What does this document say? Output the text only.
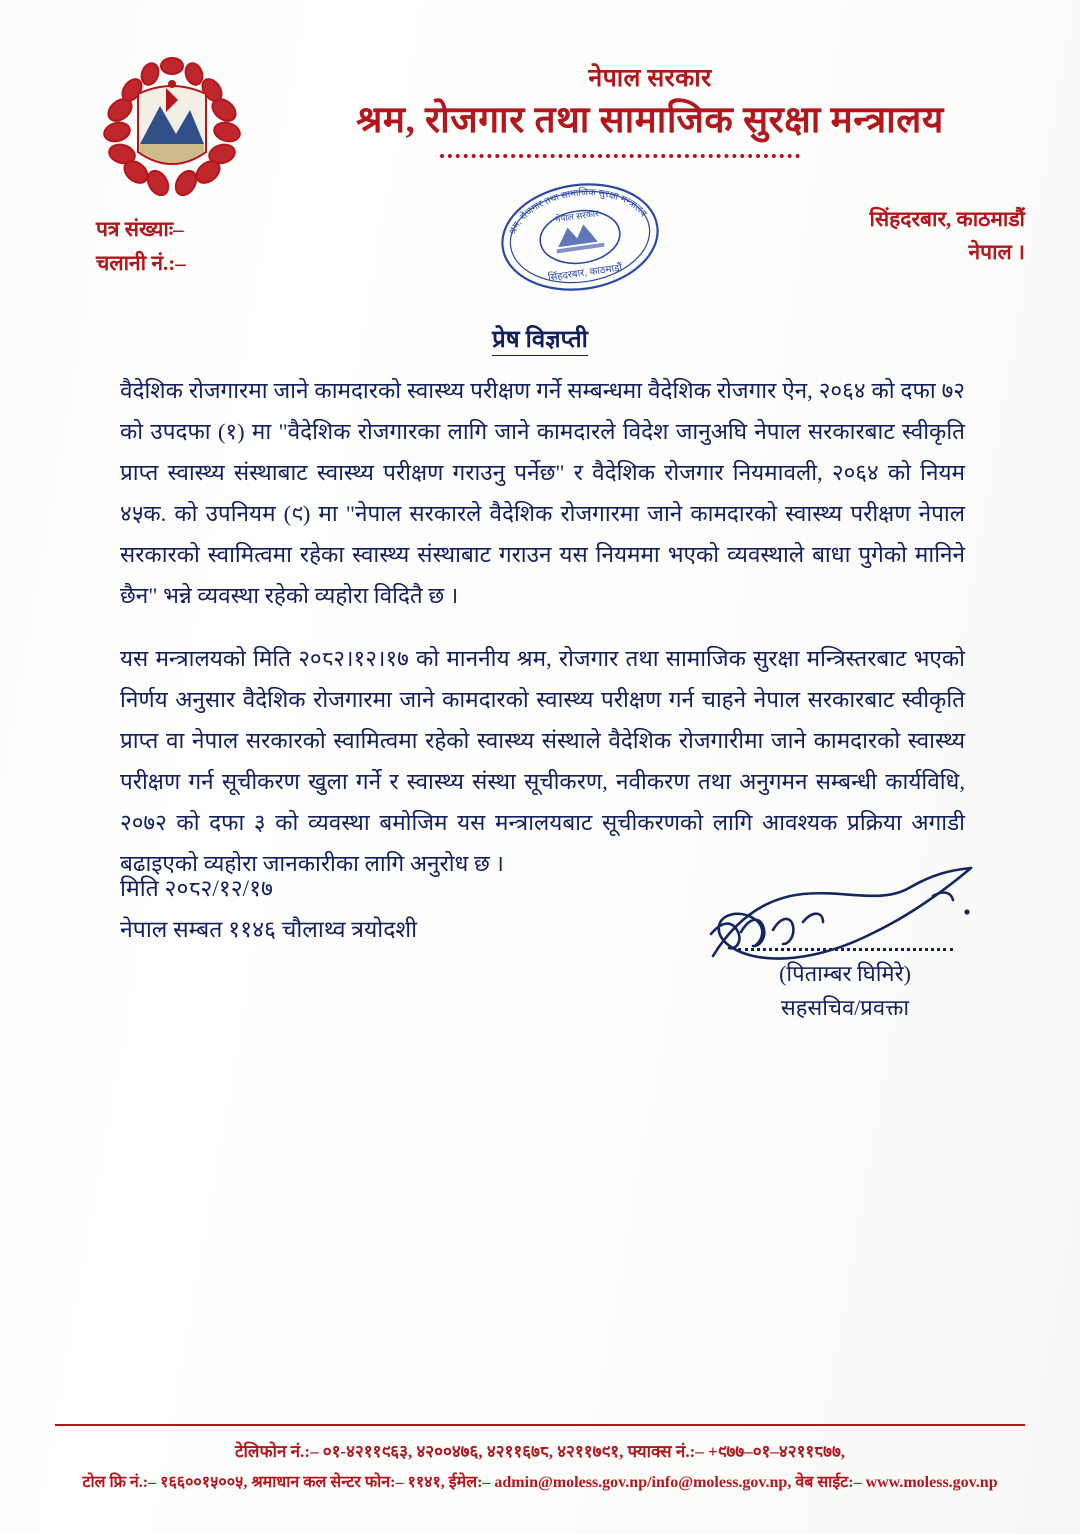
नेपाल सरकार
श्रम, रोजगार तथा सामाजिक सुरक्षा मन्त्रालय
श्रम, रोजगार तथा सामाजिक सुरक्षा मन्त्रालय
नेपाल सरकार
सिंहदरबार, काठमाडौं
पत्र संख्याः–
चलानी नं.:–
सिंहदरबार, काठमाडौं
नेपाल ।
प्रेष विज्ञप्ती

वैदेशिक रोजगारमा जाने कामदारको स्वास्थ्य परीक्षण गर्ने सम्बन्धमा वैदेशिक रोजगार ऐन, २०६४ को दफा ७२ को उपदफा (१) मा "वैदेशिक रोजगारका लागि जाने कामदारले विदेश जानुअघि नेपाल सरकारबाट स्वीकृति प्राप्त स्वास्थ्य संस्थाबाट स्वास्थ्य परीक्षण गराउनु पर्नेछ" र वैदेशिक रोजगार नियमावली, २०६४ को नियम ४५क. को उपनियम (९) मा "नेपाल सरकारले वैदेशिक रोजगारमा जाने कामदारको स्वास्थ्य परीक्षण नेपाल सरकारको स्वामित्वमा रहेका स्वास्थ्य संस्थाबाट गराउन यस नियममा भएको व्यवस्थाले बाधा पुगेको मानिने छैन" भन्ने व्यवस्था रहेको व्यहोरा विदितै छ ।

यस मन्त्रालयको मिति २०८२।१२।१७ को माननीय श्रम, रोजगार तथा सामाजिक सुरक्षा मन्त्रिस्तरबाट भएको निर्णय अनुसार वैदेशिक रोजगारमा जाने कामदारको स्वास्थ्य परीक्षण गर्न चाहने नेपाल सरकारबाट स्वीकृति प्राप्त वा नेपाल सरकारको स्वामित्वमा रहेको स्वास्थ्य संस्थाले वैदेशिक रोजगारीमा जाने कामदारको स्वास्थ्य परीक्षण गर्न सूचीकरण खुला गर्ने र स्वास्थ्य संस्था सूचीकरण, नवीकरण तथा अनुगमन सम्बन्धी कार्यविधि, २०७२ को दफा ३ को व्यवस्था बमोजिम यस मन्त्रालयबाट सूचीकरणको लागि आवश्यक प्रक्रिया अगाडी बढाइएको व्यहोरा जानकारीका लागि अनुरोध छ ।

मिति २०८२/१२/१७
नेपाल सम्बत ११४६ चौलाथ्व त्रयोदशी
(पिताम्बर घिमिरे)
सहसचिव/प्रवक्ता
टेलिफोन नं.:– ०१-४२११९६३, ४२००४७६, ४२११६७८, ४२११७९१, फ्याक्स नं.:– +९७७–०१–४२११८७७,
टोल फ्रि नं.:– १६६००१५००५, श्रमाधान कल सेन्टर फोन:– ११४१, ईमेल:– admin@moless.gov.np/info@moless.gov.np, वेब साईट:– www.moless.gov.np
